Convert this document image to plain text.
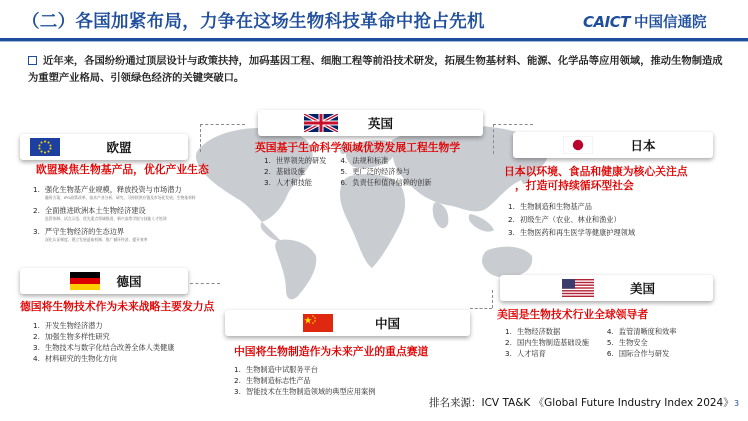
（二）各国加紧布局，力争在这场生物科技革命中抢占先机	CAICT 中国信通院
近年来，各国纷纷通过顶层设计与政策扶持，加码基因工程、细胞工程等前沿技术研发，拓展生物基材料、能源、化学品等应用领域，推动生物制造成为重塑产业格局、引领绿色经济的关键突破口。
欧盟
欧盟聚焦生物基产品，优化产业生态
1. 强化生物基产业规模，释放投资与市场潜力
融资方案、IPO政策改革、技术产业分析、研究、可持续供应链及市场化发展、生物基材料
2. 全面推进欧洲本土生物经济建设
监管体制、试点示范、优先重点领域推进、新兴高等学院与技能人才培训
3. 严守生物经济的生态边界
深化认证制度、建立发展造血机制、推广循环经济、提升效率
英国
英国基于生命科学领域优势发展工程生物学
1. 世界领先的研发 4. 法规和标准
2. 基础设施	5. 更广泛的经济参与
3. 人才和技能	6. 负责任和值得信赖的创新
日本
日本以环境、食品和健康为核心关注点
，打造可持续循环型社会
1. 生物制造和生物基产品
2. 初级生产（农业、林业和渔业）
3. 生物医药和再生医学等健康护理领域
德国
德国将生物技术作为未来战略主要发力点
1. 开发生物经济潜力
2. 加强生物多样性研究
3. 生物技术与数字化结合改善全体人类健康
4. 材料研究的生物化方向
中国
中国将生物制造作为未来产业的重点赛道
1. 生物制造中试服务平台
2. 生物制造标志性产品
3. 智能技术在生物制造领域的典型应用案例
美国
美国是生物技术行业全球领导者
1. 生物经济数据	4. 监管清晰度和效率
2. 国内生物制造基础设施	5. 生物安全
3. 人才培育	6. 国际合作与研发
排名来源：ICV TA&K 《Global Future Industry Index 2024》 3
